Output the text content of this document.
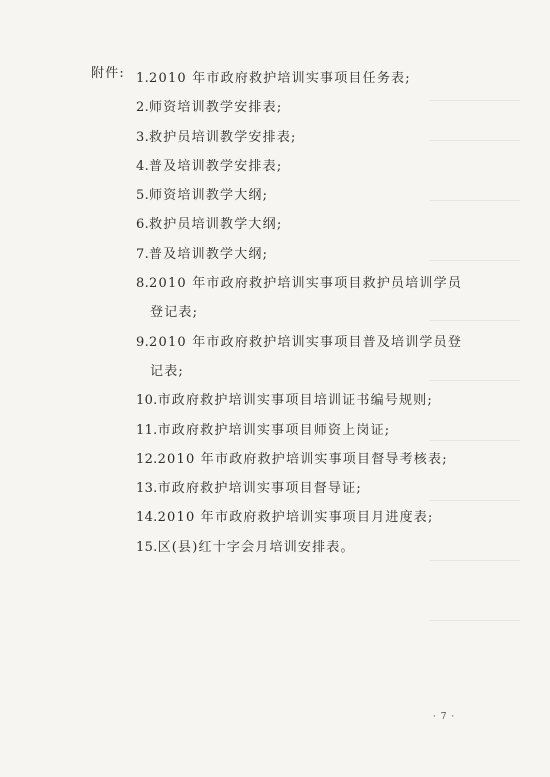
附件: 1.2010 年市政府救护培训实事项目任务表;
2.师资培训教学安排表;
3.救护员培训教学安排表;
4.普及培训教学安排表;
5.师资培训教学大纲;
6.救护员培训教学大纲;
7.普及培训教学大纲;
8.2010 年市政府救护培训实事项目救护员培训学员
登记表;
9.2010 年市政府救护培训实事项目普及培训学员登
记表;
10.市政府救护培训实事项目培训证书编号规则;
11.市政府救护培训实事项目师资上岗证;
12.2010 年市政府救护培训实事项目督导考核表;
13.市政府救护培训实事项目督导证;
14.2010 年市政府救护培训实事项目月进度表;
15.区(县)红十字会月培训安排表。
· 7 ·
